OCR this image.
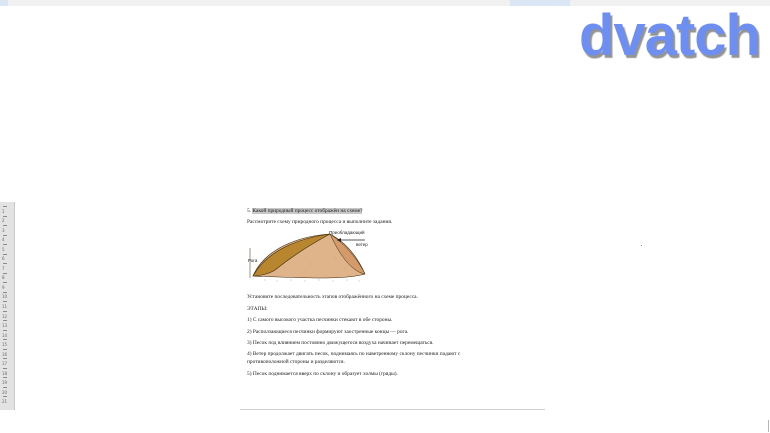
dvatch
1
2
3
4
5
6
7
8
9
10
11
12
13
14
15
16
17
18
19
20
21
5. Какой природный процесс отображён на схеме?
Рассмотрите схему природного процесса и выполните задания.
Преобладающий
ветер
Рога
Установите последовательность этапов отображённого на схеме процесса.
ЭТАПЫ:
1) С самого высокого участка песчинки стекают в обе стороны.
2) Расползающиеся песчинки формируют заостренные концы — рога.
3) Песок под влиянием постоянно движущегося воздуха начинает перемещаться.
4) Ветер продолжает двигать песок, поднимаясь по наветренному склону песчинки падают с
противоположной стороны и разделяются.
5) Песок поднимается вверх по склону и образует холмы (гряды).
